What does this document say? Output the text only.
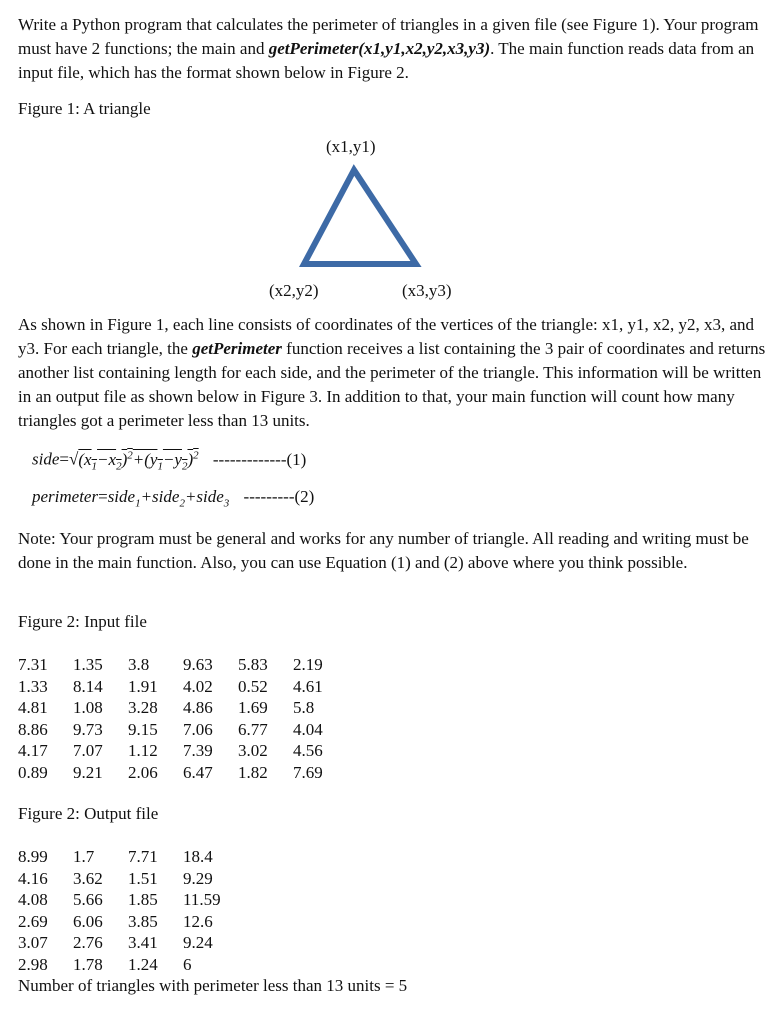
Write a Python program that calculates the perimeter of triangles in a given file (see Figure 1). Your program must have 2 functions; the main and getPerimeter(x1,y1,x2,y2,x3,y3). The main function reads data from an input file, which has the format shown below in Figure 2.

Figure 1: A triangle
(x1,y1)
(x2,y2)	(x3,y3)

As shown in Figure 1, each line consists of coordinates of the vertices of the triangle: x1, y1, x2, y2, x3, and y3. For each triangle, the getPerimeter function receives a list containing the 3 pair of coordinates and returns another list containing length for each side, and the perimeter of the triangle. This information will be written in an output file as shown below in Figure 3. In addition to that, your main function will count how many triangles got a perimeter less than 13 units.

$side=√(x_1-x_2)^2+(y_1-y_2)^2$ -------------(1)
perimeter=side$_1$+side$_2$+side$_3$ ---------(2)

Note: Your program must be general and works for any number of triangle. All reading and writing must be done in the main function. Also, you can use Equation (1) and (2) above where you think possible.

Figure 2: Input file
7.31	1.35	3.8	9.63	5.83	2.19
1.33	8.14	1.91	4.02	0.52	4.61
4.81	1.08	3.28	4.86	1.69	5.8
8.86	9.73	9.15	7.06	6.77	4.04
4.17	7.07	1.12	7.39	3.02	4.56
0.89	9.21	2.06	6.47	1.82	7.69
Figure 2: Output file
8.99	1.7	7.71	18.4
4.16	3.62	1.51	9.29
4.08	5.66	1.85	11.59
2.69	6.06	3.85	12.6
3.07	2.76	3.41	9.24
2.98	1.78	1.24	6
Number of triangles with perimeter less than 13 units = 5
